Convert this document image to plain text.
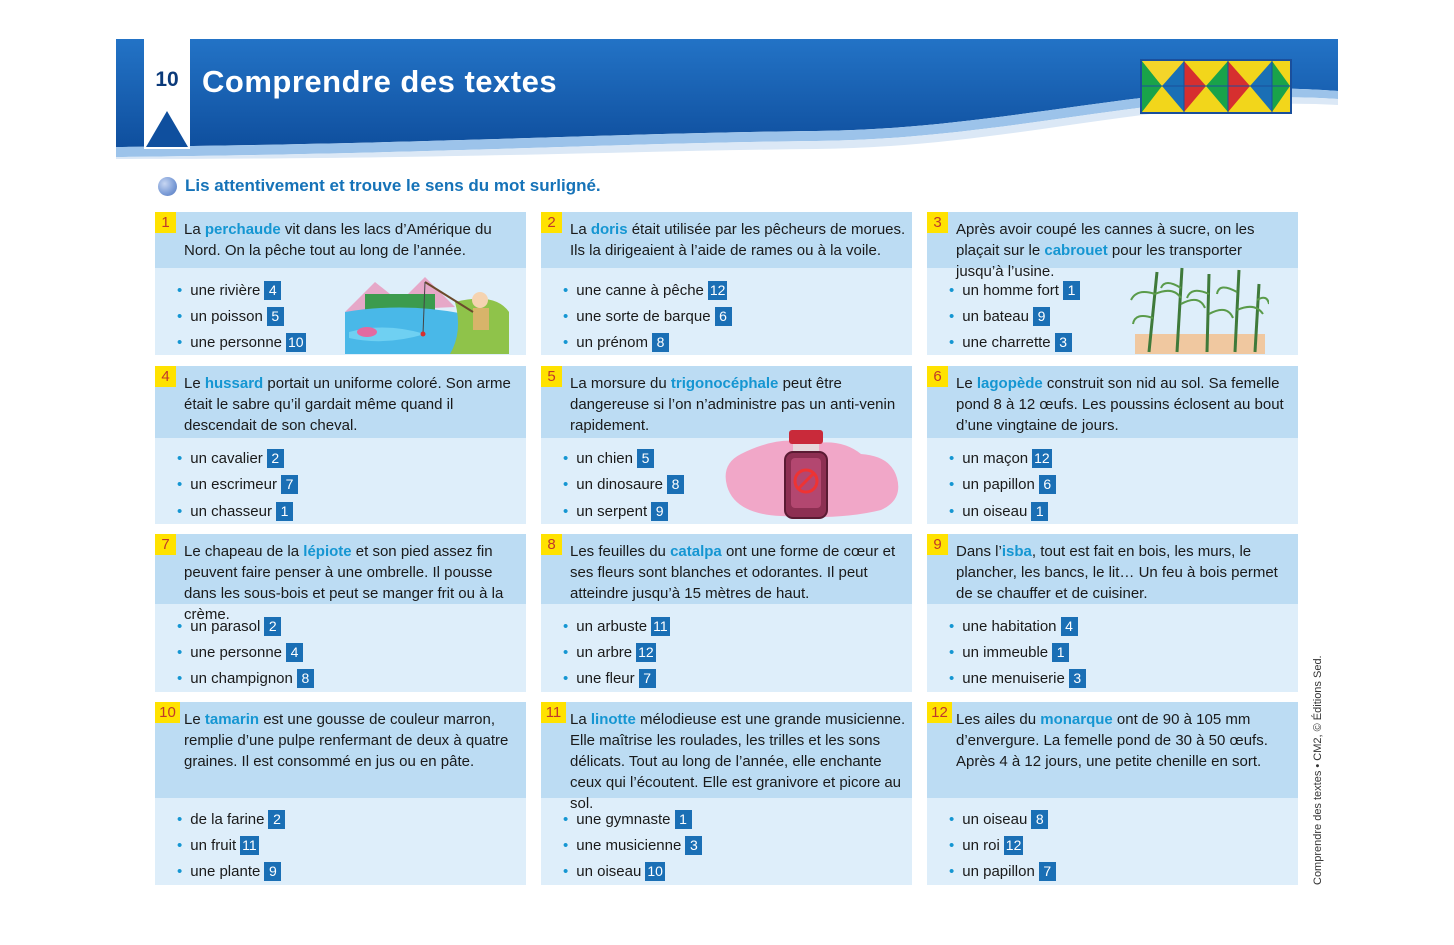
10 Comprendre des textes
Lis attentivement et trouve le sens du mot surligné.
1 La perchaude vit dans les lacs d’Amérique du Nord. On la pêche tout au long de l’année.
• une rivière 4
• un poisson 5
• une personne 10
2 La doris était utilisée par les pêcheurs de morues. Ils la dirigeaient à l’aide de rames ou à la voile.
• une canne à pêche 12
• une sorte de barque 6
• un prénom 8
3 Après avoir coupé les cannes à sucre, on les plaçait sur le cabrouet pour les transporter jusqu’à l’usine.
• un homme fort 1
• un bateau 9
• une charrette 3
4 Le hussard portait un uniforme coloré. Son arme était le sabre qu’il gardait même quand il descendait de son cheval.
• un cavalier 2
• un escrimeur 7
• un chasseur 1
5 La morsure du trigonocéphale peut être dangereuse si l’on n’administre pas un anti-venin rapidement.
• un chien 5
• un dinosaure 8
• un serpent 9
6 Le lagopède construit son nid au sol. Sa femelle pond 8 à 12 œufs. Les poussins éclosent au bout d’une vingtaine de jours.
• un maçon 12
• un papillon 6
• un oiseau 1
7 Le chapeau de la lépiote et son pied assez fin peuvent faire penser à une ombrelle. Il pousse dans les sous-bois et peut se manger frit ou à la crème.
• un parasol 2
• une personne 4
• un champignon 8
8 Les feuilles du catalpa ont une forme de cœur et ses fleurs sont blanches et odorantes. Il peut atteindre jusqu’à 15 mètres de haut.
• un arbuste 11
• un arbre 12
• une fleur 7
9 Dans l’isba, tout est fait en bois, les murs, le plancher, les bancs, le lit… Un feu à bois permet de se chauffer et de cuisiner.
• une habitation 4
• un immeuble 1
• une menuiserie 3
10 Le tamarin est une gousse de couleur marron, remplie d’une pulpe renfermant de deux à quatre graines. Il est consommé en jus ou en pâte.
• de la farine 2
• un fruit 11
• une plante 9
11 La linotte mélodieuse est une grande musicienne. Elle maîtrise les roulades, les trilles et les sons délicats. Tout au long de l’année, elle enchante ceux qui l’écoutent. Elle est granivore et picore au sol.
• une gymnaste 1
• une musicienne 3
• un oiseau 10
12 Les ailes du monarque ont de 90 à 105 mm d’envergure. La femelle pond de 30 à 50 œufs. Après 4 à 12 jours, une petite chenille en sort.
• un oiseau 8
• un roi 12
• un papillon 7	Comprendre des textes • CM2, © Éditions Sed.
